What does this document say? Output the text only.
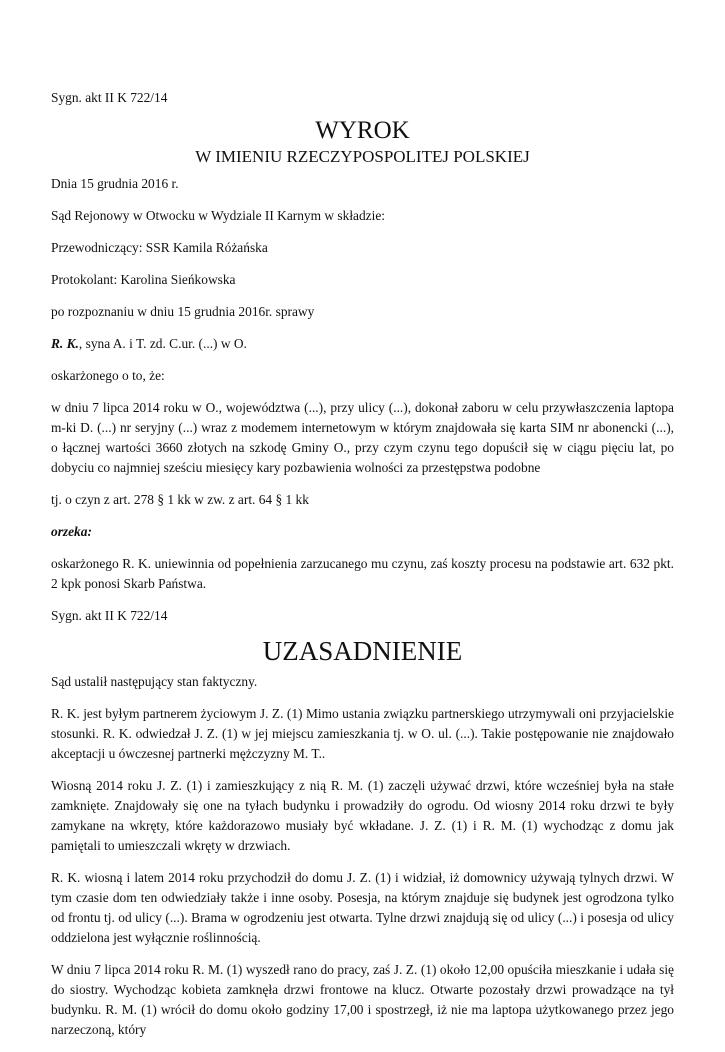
Sygn. akt II K 722/14

WYROK
W IMIENIU RZECZYPOSPOLITEJ POLSKIEJ

Dnia 15 grudnia 2016 r.

Sąd Rejonowy w Otwocku w Wydziale II Karnym w składzie:

Przewodniczący: SSR Kamila Różańska

Protokolant: Karolina Sieńkowska

po rozpoznaniu w dniu 15 grudnia 2016r. sprawy

R. K., syna A. i T. zd. C.ur. (...) w O.

oskarżonego o to, że:

w dniu 7 lipca 2014 roku w O., województwa (...), przy ulicy (...), dokonał zaboru w celu przywłaszczenia laptopa m-ki D. (...) nr seryjny (...) wraz z modemem internetowym w którym znajdowała się karta SIM nr abonencki (...), o łącznej wartości 3660 złotych na szkodę Gminy O., przy czym czynu tego dopuścił się w ciągu pięciu lat, po dobyciu co najmniej sześciu miesięcy kary pozbawienia wolności za przestępstwa podobne

tj. o czyn z art. 278 § 1 kk w zw. z art. 64 § 1 kk

orzeka:

oskarżonego R. K. uniewinnia od popełnienia zarzucanego mu czynu, zaś koszty procesu na podstawie art. 632 pkt. 2 kpk ponosi Skarb Państwa.

Sygn. akt II K 722/14

UZASADNIENIE

Sąd ustalił następujący stan faktyczny.

R. K. jest byłym partnerem życiowym J. Z. (1) Mimo ustania związku partnerskiego utrzymywali oni przyjacielskie stosunki. R. K. odwiedzał J. Z. (1) w jej miejscu zamieszkania tj. w O. ul. (...). Takie postępowanie nie znajdowało akceptacji u ówczesnej partnerki mężczyzny M. T..

Wiosną 2014 roku J. Z. (1) i zamieszkujący z nią R. M. (1) zaczęli używać drzwi, które wcześniej była na stałe zamknięte. Znajdowały się one na tyłach budynku i prowadziły do ogrodu. Od wiosny 2014 roku drzwi te były zamykane na wkręty, które każdorazowo musiały być wkładane. J. Z. (1) i R. M. (1) wychodząc z domu jak pamiętali to umieszczali wkręty w drzwiach.

R. K. wiosną i latem 2014 roku przychodził do domu J. Z. (1) i widział, iż domownicy używają tylnych drzwi. W tym czasie dom ten odwiedziały także i inne osoby. Posesja, na którym znajduje się budynek jest ogrodzona tylko od frontu tj. od ulicy (...). Brama w ogrodzeniu jest otwarta. Tylne drzwi znajdują się od ulicy (...) i posesja od ulicy oddzielona jest wyłącznie roślinnością.

W dniu 7 lipca 2014 roku R. M. (1) wyszedł rano do pracy, zaś J. Z. (1) około 12,00 opuściła mieszkanie i udała się do siostry. Wychodząc kobieta zamknęła drzwi frontowe na klucz. Otwarte pozostały drzwi prowadzące na tył budynku. R. M. (1) wrócił do domu około godziny 17,00 i spostrzegł, iż nie ma laptopa użytkowanego przez jego narzeczoną, który
